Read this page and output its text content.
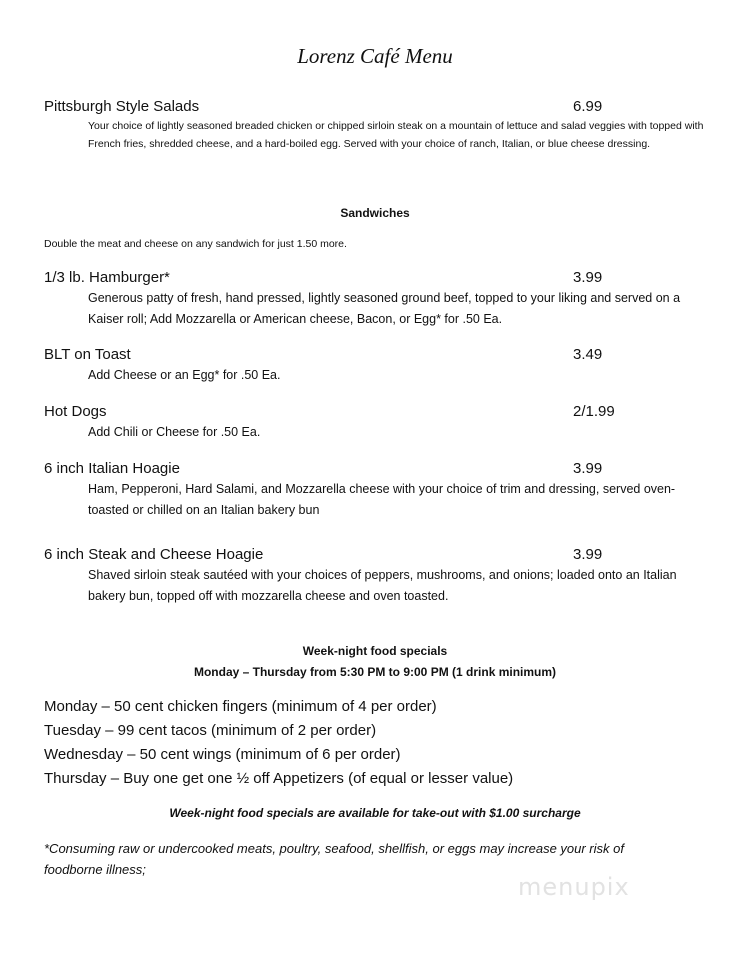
Lorenz Café Menu
Pittsburgh Style Salads	6.99
Your choice of lightly seasoned breaded chicken or chipped sirloin steak on a mountain of lettuce and salad veggies with topped with French fries, shredded cheese, and a hard-boiled egg. Served with your choice of ranch, Italian, or blue cheese dressing.
Sandwiches
Double the meat and cheese on any sandwich for just 1.50 more.
1/3 lb. Hamburger*	3.99
Generous patty of fresh, hand pressed, lightly seasoned ground beef, topped to your liking and served on a Kaiser roll; Add Mozzarella or American cheese, Bacon, or Egg* for .50 Ea.
BLT on Toast	3.49
Add Cheese or an Egg* for .50 Ea.
Hot Dogs	2/1.99
Add Chili or Cheese for .50 Ea.
6 inch Italian Hoagie	3.99
Ham, Pepperoni, Hard Salami, and Mozzarella cheese with your choice of trim and dressing, served oven-toasted or chilled on an Italian bakery bun
6 inch Steak and Cheese Hoagie	3.99
Shaved sirloin steak sautéed with your choices of peppers, mushrooms, and onions; loaded onto an Italian bakery bun, topped off with mozzarella cheese and oven toasted.
Week-night food specials
Monday – Thursday from 5:30 PM to 9:00 PM (1 drink minimum)
Monday – 50 cent chicken fingers (minimum of 4 per order)
Tuesday – 99 cent tacos (minimum of 2 per order)
Wednesday – 50 cent wings (minimum of 6 per order)
Thursday – Buy one get one ½ off Appetizers (of equal or lesser value)
Week-night food specials are available for take-out with $1.00 surcharge
*Consuming raw or undercooked meats, poultry, seafood, shellfish, or eggs may increase your risk of foodborne illness;
menupix
